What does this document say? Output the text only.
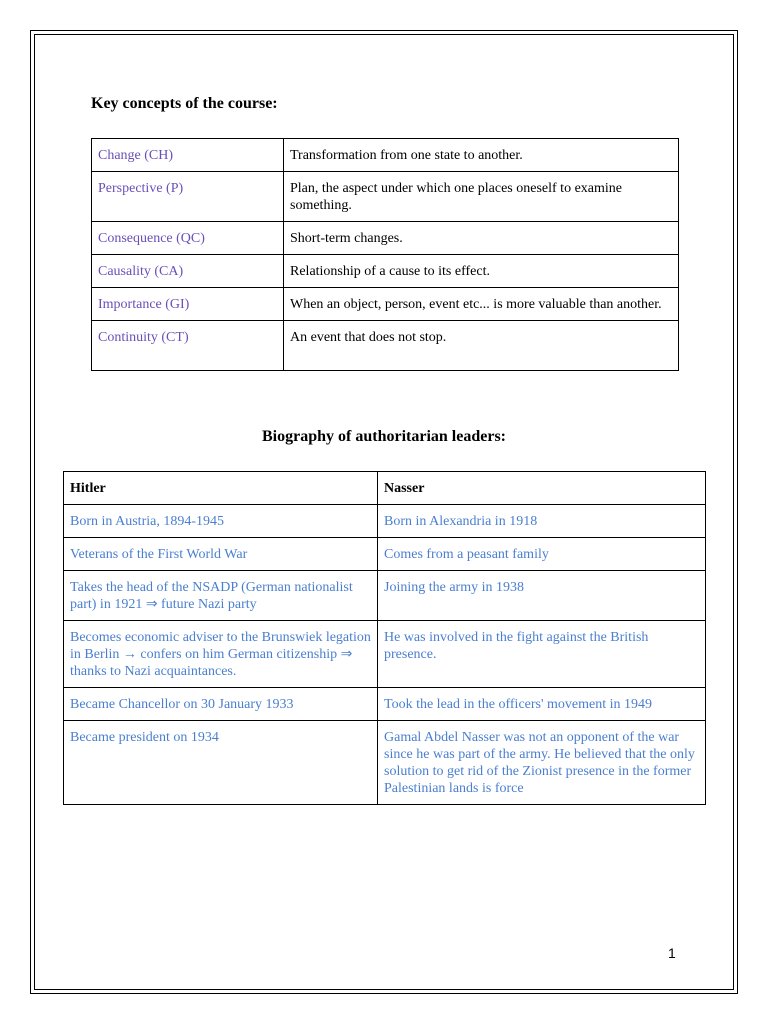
Key concepts of the course:
Change (CH)	Transformation from one state to another.
Perspective (P)	Plan, the aspect under which one places oneself to examine something.
Consequence (QC)	Short-term changes.
Causality (CA)	Relationship of a cause to its effect.
Importance (GI)	When an object, person, event etc... is more valuable than another.
Continuity (CT)	An event that does not stop.
Biography of authoritarian leaders:
Hitler	Nasser
Born in Austria, 1894-1945	Born in Alexandria in 1918
Veterans of the First World War	Comes from a peasant family
Takes the head of the NSADP (German nationalist part) in 1921 ⇒ future Nazi party	Joining the army in 1938
Becomes economic adviser to the Brunswiek legation in Berlin → confers on him German citizenship ⇒ thanks to Nazi acquaintances.	He was involved in the fight against the British presence.
Became Chancellor on 30 January 1933	Took the lead in the officers' movement in 1949
Became president on 1934	Gamal Abdel Nasser was not an opponent of the war since he was part of the army. He believed that the only solution to get rid of the Zionist presence in the former Palestinian lands is force
1
